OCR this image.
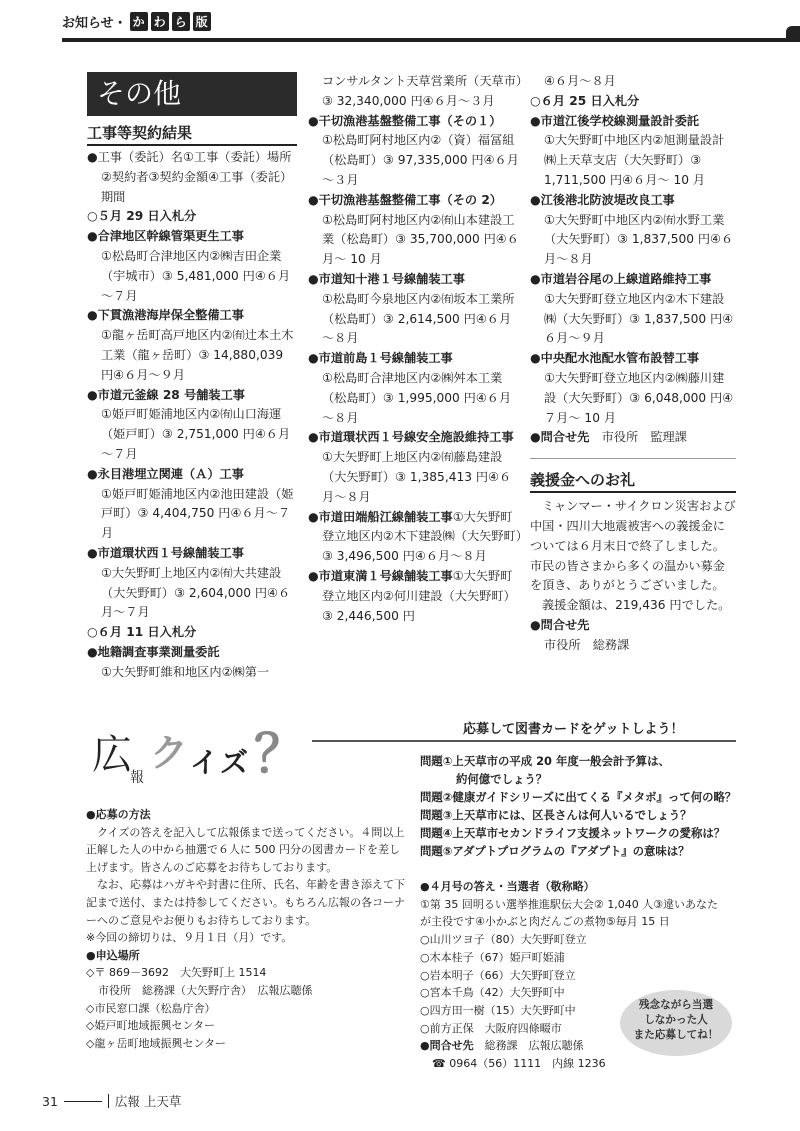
お知らせ・ か わ ら 版
その他
工事等契約結果
●工事（委託）名①工事（委託）場所②契約者③契約金額④工事（委託）期間
○５月 29 日入札分
●合津地区幹線管渠更生工事
①松島町合津地区内②㈱吉田企業（宇城市）③ 5,481,000 円④６月～７月
●下貫漁港海岸保全整備工事
①龍ヶ岳町高戸地区内②㈲辻本土木工業（龍ヶ岳町）③ 14,880,039 円④６月～９月
●市道元釜線 28 号舗装工事
①姫戸町姫浦地区内②㈲山口海運（姫戸町）③ 2,751,000 円④６月～７月
●永目港埋立関連（Ａ）工事
①姫戸町姫浦地区内②池田建設（姫戸町）③ 4,404,750 円④６月～７月
●市道環状西１号線舗装工事
①大矢野町上地区内②㈲大共建設（大矢野町）③ 2,604,000 円④６月～７月
○６月 11 日入札分
●地籍調査事業測量委託
①大矢野町維和地区内②㈱第一
コンサルタント天草営業所（天草市）③ 32,340,000 円④６月～３月
●干切漁港基盤整備工事（その１）
①松島町阿村地区内②（資）福冨組（松島町）③ 97,335,000 円④６月～３月
●干切漁港基盤整備工事（その 2）
①松島町阿村地区内②㈲山本建設工業（松島町）③ 35,700,000 円④６月～ 10 月
●市道知十港１号線舗装工事
①松島町今泉地区内②㈲坂本工業所（松島町）③ 2,614,500 円④６月～８月
●市道前島１号線舗装工事
①松島町合津地区内②㈱舛本工業（松島町）③ 1,995,000 円④６月～８月
●市道環状西１号線安全施設維持工事①大矢野町上地区内②㈲藤島建設（大矢野町）③ 1,385,413 円④６月～８月
●市道田端船江線舗装工事①大矢野町登立地区内②木下建設㈱（大矢野町）③ 3,496,500 円④６月～８月
●市道東満１号線舗装工事①大矢野町登立地区内②何川建設（大矢野町）③ 2,446,500 円
④６月～８月
○６月 25 日入札分
●市道江後学校線測量設計委託
①大矢野町中地区内②旭測量設計㈱上天草支店（大矢野町）③ 1,711,500 円④６月～ 10 月
●江後港北防波堤改良工事
①大矢野町中地区内②㈲水野工業（大矢野町）③ 1,837,500 円④６月～８月
●市道岩谷尾の上線道路維持工事
①大矢野町登立地区内②木下建設㈱（大矢野町）③ 1,837,500 円④６月～９月
●中央配水池配水管布設替工事
①大矢野町登立地区内②㈱藤川建設（大矢野町）③ 6,048,000 円④７月～ 10 月
●問合せ先　 市役所　監理課
義援金へのお礼
ミャンマー・サイクロン災害および中国・四川大地震被害への義援金については６月末日で終了しました。市民の皆さまから多くの温かい募金を頂き、ありがとうございました。
義援金額は、219,436 円でした。
●問合せ先
市役所　総務課
広
報
ク イ ズ ？	応募して図書カードをゲットしよう！
問題①上天草市の平成 20 年度一般会計予算は、
約何億でしょう？
問題②健康ガイドシリーズに出てくる『メタボ』って何の略？
問題③上天草市には、区長さんは何人いるでしょう？
問題④上天草市セカンドライフ支援ネットワークの愛称は？
問題⑤アダプトプログラムの『アダプト』の意味は？
●応募の方法
クイズの答えを記入して広報係まで送ってください。４問以上正解した人の中から抽選で６人に 500 円分の図書カードを差し上げます。皆さんのご応募をお待ちしております。
なお、応募はハガキや封書に住所、氏名、年齢を書き添えて下記まで送付、または持参してください。もちろん広報の各コーナーへのご意見やお便りもお待ちしております。
※今回の締切りは、９月１日（月）です。
●申込場所
◇〒 869－3692　大矢野町上 1514
市役所　総務課（大矢野庁舎）　広報広聴係
◇市民窓口課（松島庁舎）
◇姫戸町地域振興センター
◇龍ヶ岳町地域振興センター
●４月号の答え・当選者（敬称略）
①第 35 回明るい選挙推進駅伝大会② 1,040 人③違いあなたが主役です④小かぶと肉だんごの煮物⑤毎月 15 日
○山川ツヨ子（80）大矢野町登立
○木本桂子（67）姫戸町姫浦
○岩本明子（66）大矢野町登立
○宮本千鳥（42）大矢野町中
○四方田一樹（15）大矢野町中
○前方正保　大阪府四條畷市
●問合せ先　 総務課　広報広聴係
☎ 0964（56）1111　内線 1236
残念ながら当選
しなかった人
また応募してね！
31	広報 上天草
